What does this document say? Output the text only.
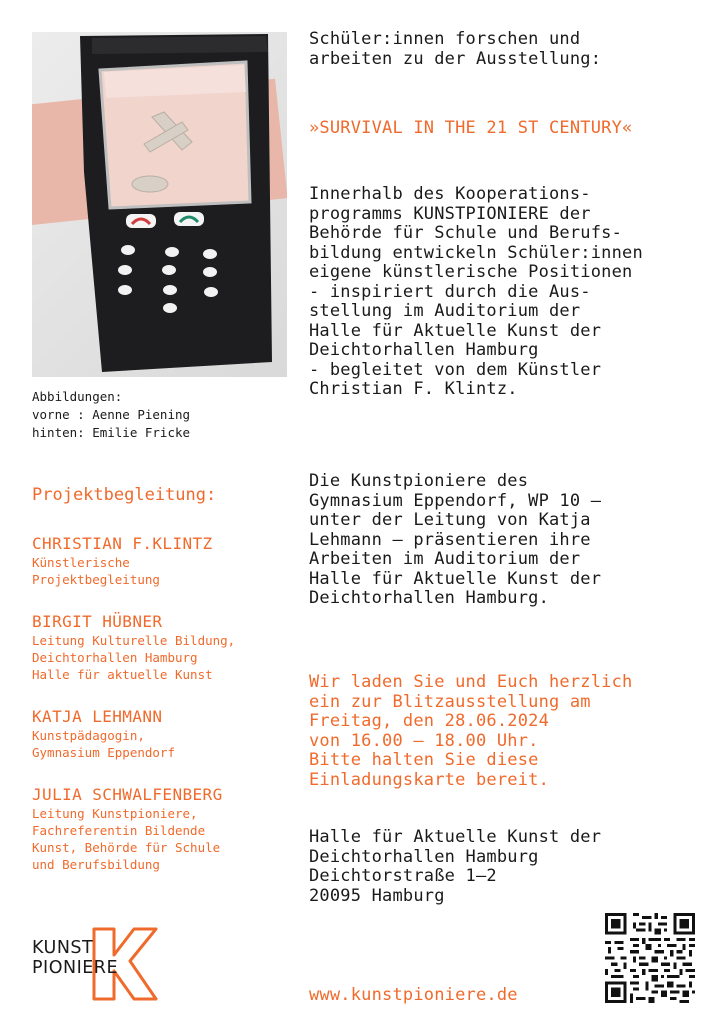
Abbildungen:
vorne : Aenne Piening
hinten: Emilie Fricke

Schüler:innen forschen und
arbeiten zu der Ausstellung:

»SURVIVAL IN THE 21 ST CENTURY«

Innerhalb des Kooperations-
programms KUNSTPIONIERE der
Behörde für Schule und Berufs-
bildung entwickeln Schüler:innen
eigene künstlerische Positionen
- inspiriert durch die Aus-
stellung im Auditorium der
Halle für Aktuelle Kunst der
Deichtorhallen Hamburg
- begleitet von dem Künstler
Christian F. Klintz.

Die Kunstpioniere des
Gymnasium Eppendorf, WP 10 –
unter der Leitung von Katja
Lehmann – präsentieren ihre
Arbeiten im Auditorium der
Halle für Aktuelle Kunst der
Deichtorhallen Hamburg.

Wir laden Sie und Euch herzlich
ein zur Blitzausstellung am
Freitag, den 28.06.2024
von 16.00 – 18.00 Uhr.
Bitte halten Sie diese
Einladungskarte bereit.

Halle für Aktuelle Kunst der
Deichtorhallen Hamburg
Deichtorstraße 1–2
20095 Hamburg

www.kunstpioniere.de

Projektbegleitung:
CHRISTIAN F.KLINTZ
Künstlerische
Projektbegleitung
BIRGIT HÜBNER
Leitung Kulturelle Bildung,
Deichtorhallen Hamburg
Halle für aktuelle Kunst
KATJA LEHMANN
Kunstpädagogin,
Gymnasium Eppendorf
JULIA SCHWALFENBERG
Leitung Kunstpioniere,
Fachreferentin Bildende
Kunst, Behörde für Schule
und Berufsbildung
KUNST
PIONIERE
